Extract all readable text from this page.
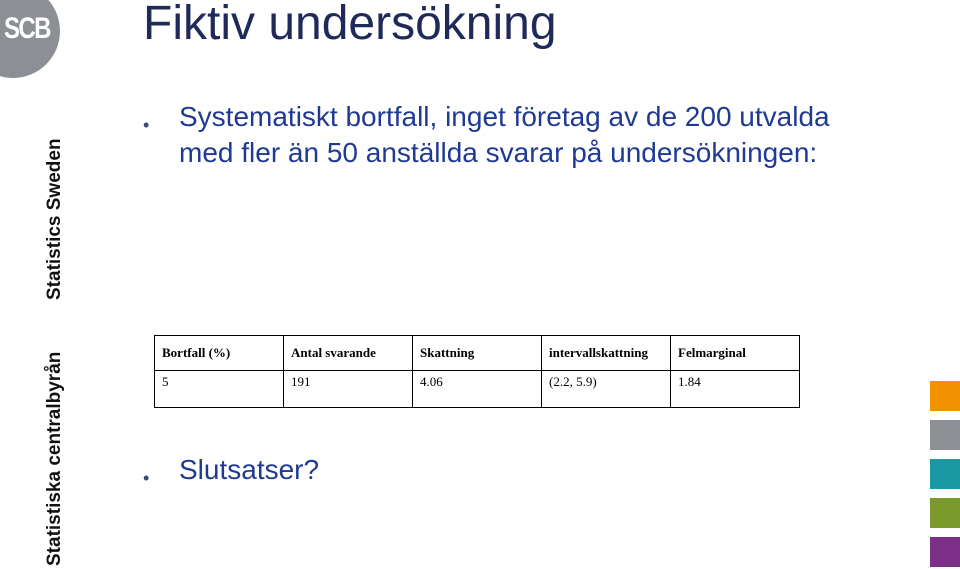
SCB
Statistics Sweden
Statistiska centralbyrån
Fiktiv undersökning
• Systematiskt bortfall, inget företag av de 200 utvalda med fler än 50 anställda svarar på undersökningen:
Bortfall (%)	Antal svarande	Skattning	intervallskattning	Felmarginal
5	191	4.06	(2.2, 5.9)	1.84
• Slutsatser?
